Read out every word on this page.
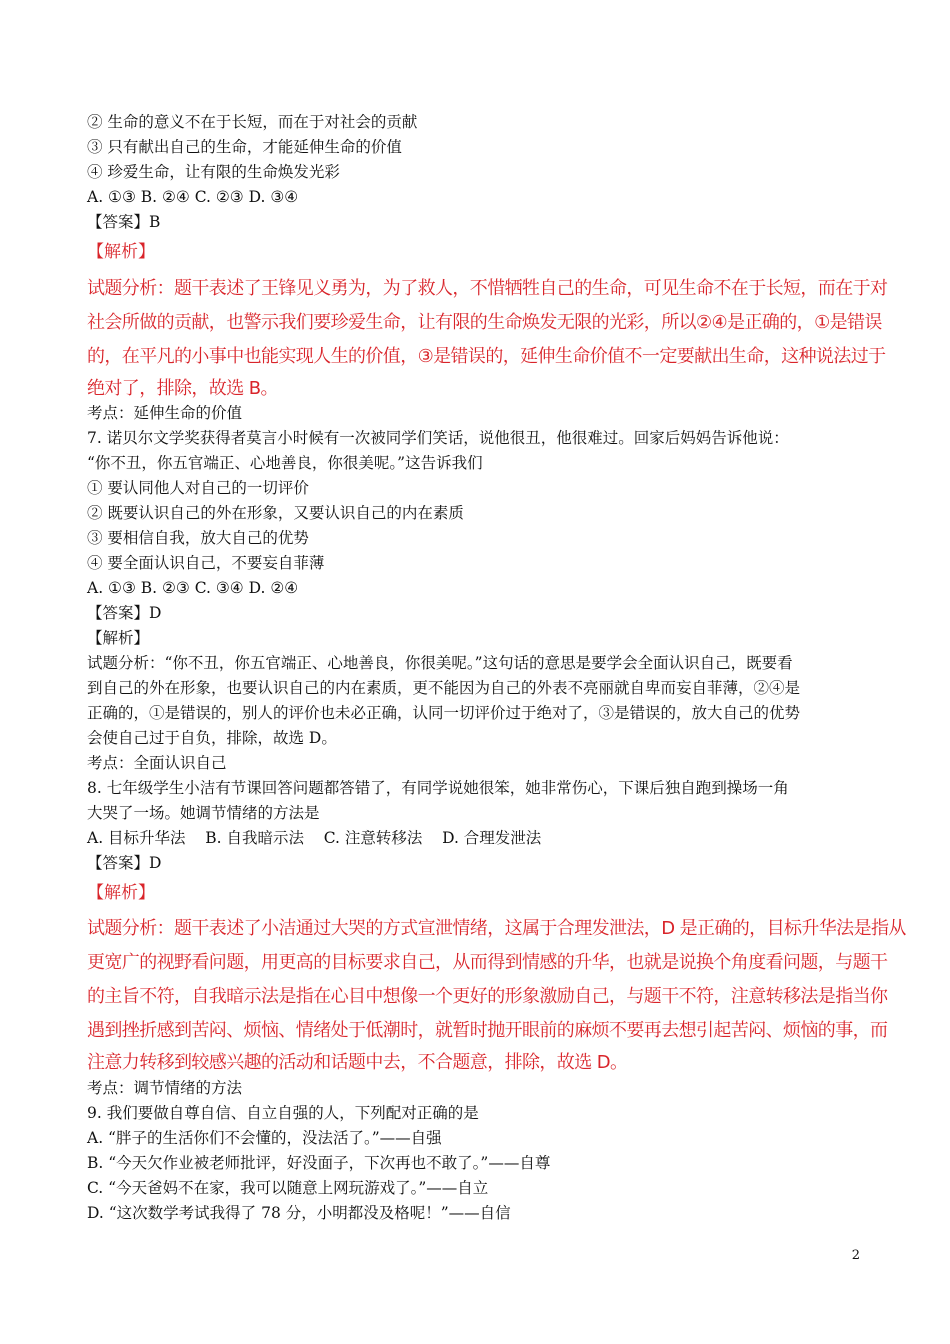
② 生命的意义不在于长短，而在于对社会的贡献
③ 只有献出自己的生命，才能延伸生命的价值
④ 珍爱生命，让有限的生命焕发光彩
A. ①③ B. ②④ C. ②③ D. ③④
【答案】B
【解析】
试题分析：题干表述了王锋见义勇为，为了救人，不惜牺牲自己的生命，可见生命不在于长短，而在于对
社会所做的贡献，也警示我们要珍爱生命，让有限的生命焕发无限的光彩，所以②④是正确的，①是错误
的，在平凡的小事中也能实现人生的价值，③是错误的，延伸生命价值不一定要献出生命，这种说法过于
绝对了，排除，故选 B。
考点：延伸生命的价值
7. 诺贝尔文学奖获得者莫言小时候有一次被同学们笑话，说他很丑，他很难过。回家后妈妈告诉他说：
“你不丑，你五官端正、心地善良，你很美呢。”这告诉我们
① 要认同他人对自己的一切评价
② 既要认识自己的外在形象，又要认识自己的内在素质
③ 要相信自我，放大自己的优势
④ 要全面认识自己，不要妄自菲薄
A. ①③ B. ②③ C. ③④ D. ②④
【答案】D
【解析】
试题分析：“你不丑，你五官端正、心地善良，你很美呢。”这句话的意思是要学会全面认识自己，既要看
到自己的外在形象，也要认识自己的内在素质，更不能因为自己的外表不亮丽就自卑而妄自菲薄，②④是
正确的，①是错误的，别人的评价也未必正确，认同一切评价过于绝对了，③是错误的，放大自己的优势
会使自己过于自负，排除，故选 D。
考点：全面认识自己
8. 七年级学生小洁有节课回答问题都答错了，有同学说她很笨，她非常伤心，下课后独自跑到操场一角
大哭了一场。她调节情绪的方法是
A. 目标升华法    B. 自我暗示法    C. 注意转移法    D. 合理发泄法
【答案】D
【解析】
试题分析：题干表述了小洁通过大哭的方式宣泄情绪，这属于合理发泄法，D 是正确的，目标升华法是指从
更宽广的视野看问题，用更高的目标要求自己，从而得到情感的升华，也就是说换个角度看问题，与题干
的主旨不符，自我暗示法是指在心目中想像一个更好的形象激励自己，与题干不符，注意转移法是指当你
遇到挫折感到苦闷、烦恼、情绪处于低潮时，就暂时抛开眼前的麻烦不要再去想引起苦闷、烦恼的事，而
注意力转移到较感兴趣的活动和话题中去，不合题意，排除，故选 D。
考点：调节情绪的方法
9. 我们要做自尊自信、自立自强的人，下列配对正确的是
A. “胖子的生活你们不会懂的，没法活了。”——自强
B. “今天欠作业被老师批评，好没面子，下次再也不敢了。”——自尊
C. “今天爸妈不在家，我可以随意上网玩游戏了。”——自立
D. “这次数学考试我得了 78 分，小明都没及格呢！”——自信
2
